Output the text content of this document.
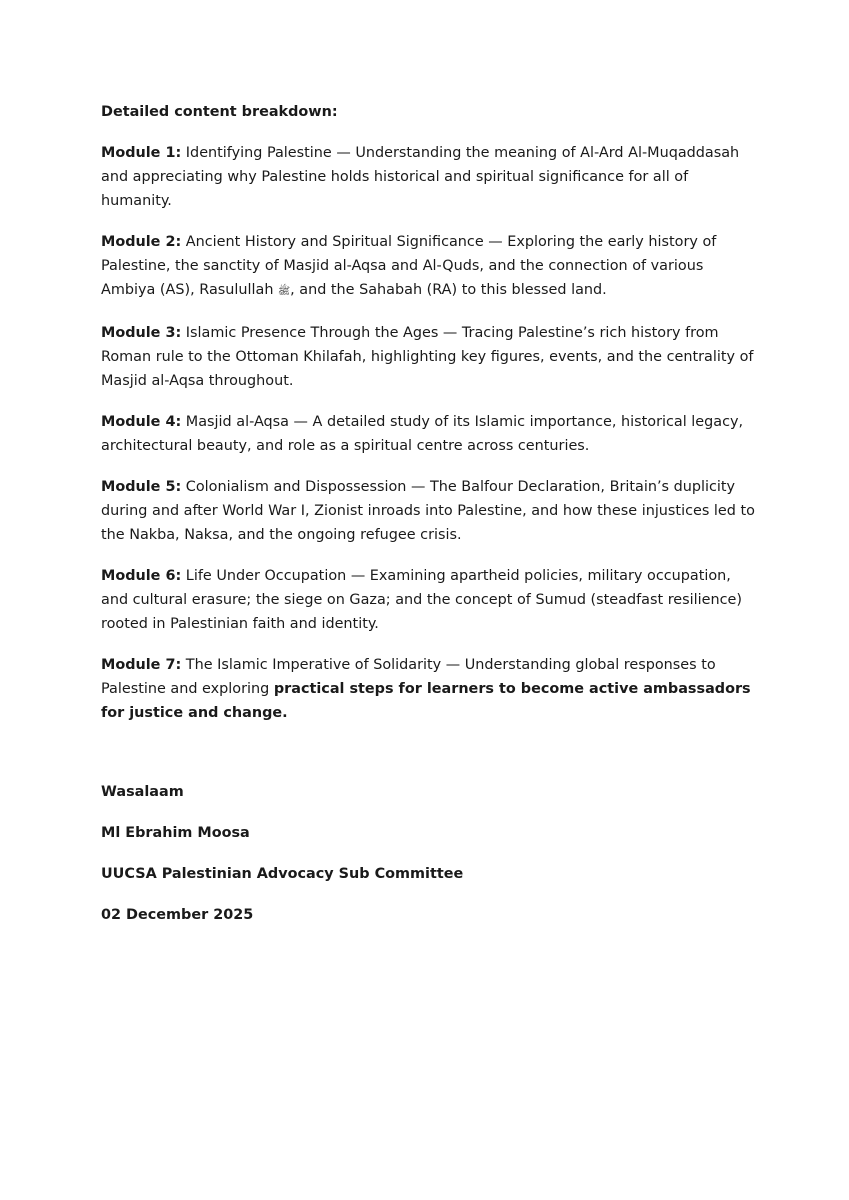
Detailed content breakdown:

Module 1: Identifying Palestine — Understanding the meaning of Al-Ard Al-Muqaddasah and appreciating why Palestine holds historical and spiritual significance for all of humanity.

Module 2: Ancient History and Spiritual Significance — Exploring the early history of Palestine, the sanctity of Masjid al-Aqsa and Al-Quds, and the connection of various Ambiya (AS), Rasulullah ﷺ, and the Sahabah (RA) to this blessed land.

Module 3: Islamic Presence Through the Ages — Tracing Palestine’s rich history from Roman rule to the Ottoman Khilafah, highlighting key figures, events, and the centrality of Masjid al-Aqsa throughout.

Module 4: Masjid al-Aqsa — A detailed study of its Islamic importance, historical legacy, architectural beauty, and role as a spiritual centre across centuries.

Module 5: Colonialism and Dispossession — The Balfour Declaration, Britain’s duplicity during and after World War I, Zionist inroads into Palestine, and how these injustices led to the Nakba, Naksa, and the ongoing refugee crisis.

Module 6: Life Under Occupation — Examining apartheid policies, military occupation, and cultural erasure; the siege on Gaza; and the concept of Sumud (steadfast resilience) rooted in Palestinian faith and identity.

Module 7: The Islamic Imperative of Solidarity — Understanding global responses to Palestine and exploring practical steps for learners to become active ambassadors for justice and change.

Wasalaam

Ml Ebrahim Moosa

UUCSA Palestinian Advocacy Sub Committee

02 December 2025
